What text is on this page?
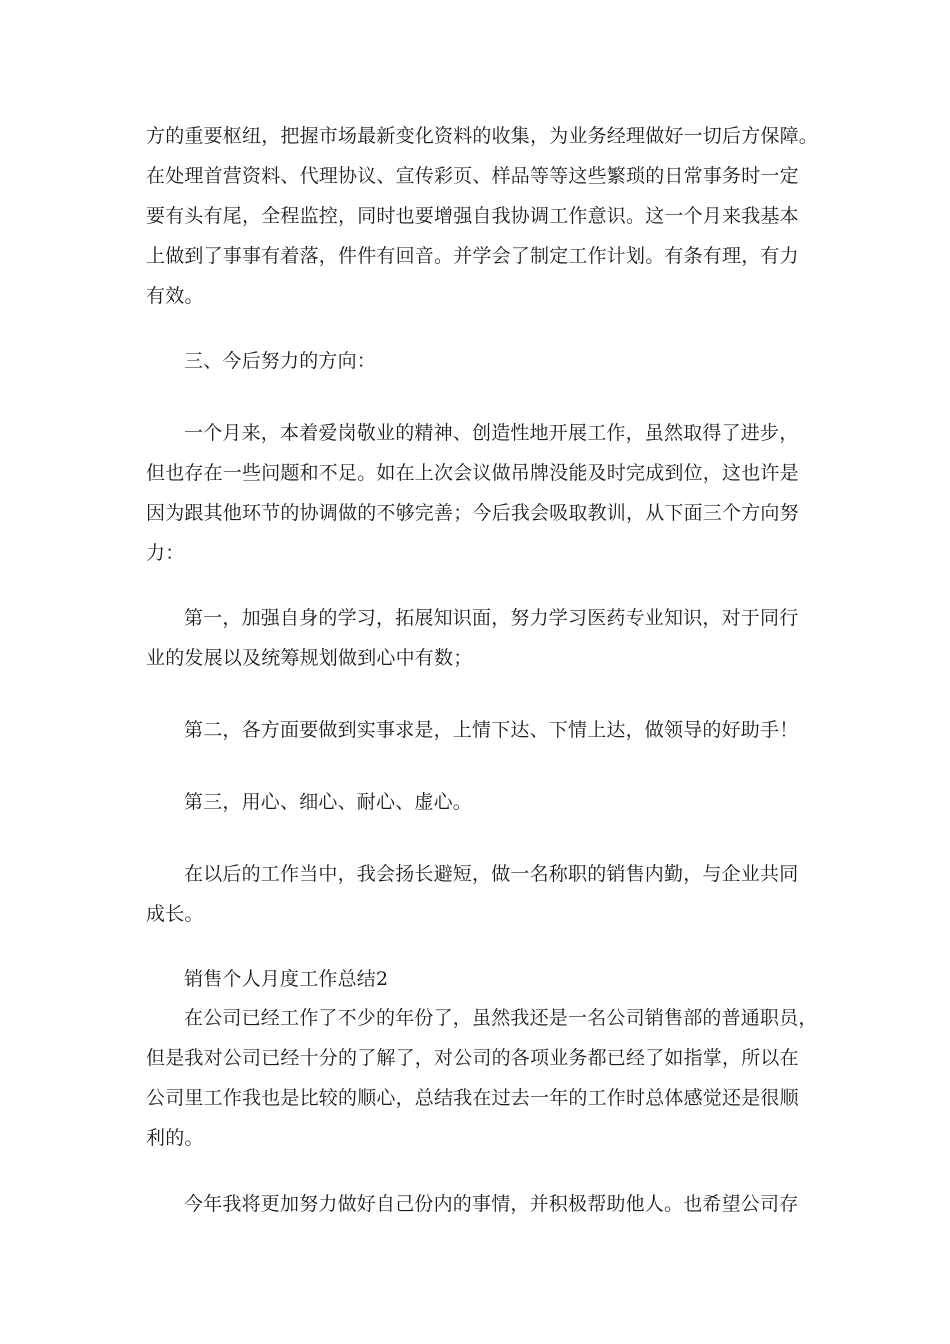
方的重要枢纽，把握市场最新变化资料的收集，为业务经理做好一切后方保障。
在处理首营资料、代理协议、宣传彩页、样品等等这些繁琐的日常事务时一定
要有头有尾，全程监控，同时也要增强自我协调工作意识。这一个月来我基本
上做到了事事有着落，件件有回音。并学会了制定工作计划。有条有理，有力
有效。
三、今后努力的方向：
一个月来，本着爱岗敬业的精神、创造性地开展工作，虽然取得了进步，
但也存在一些问题和不足。如在上次会议做吊牌没能及时完成到位，这也许是
因为跟其他环节的协调做的不够完善；今后我会吸取教训，从下面三个方向努
力：
第一，加强自身的学习，拓展知识面，努力学习医药专业知识，对于同行
业的发展以及统筹规划做到心中有数；
第二，各方面要做到实事求是，上情下达、下情上达，做领导的好助手！
第三，用心、细心、耐心、虚心。
在以后的工作当中，我会扬长避短，做一名称职的销售内勤，与企业共同
成长。
销售个人月度工作总结2
在公司已经工作了不少的年份了，虽然我还是一名公司销售部的普通职员，
但是我对公司已经十分的了解了，对公司的各项业务都已经了如指掌，所以在
公司里工作我也是比较的顺心，总结我在过去一年的工作时总体感觉还是很顺
利的。
今年我将更加努力做好自己份内的事情，并积极帮助他人。也希望公司存
